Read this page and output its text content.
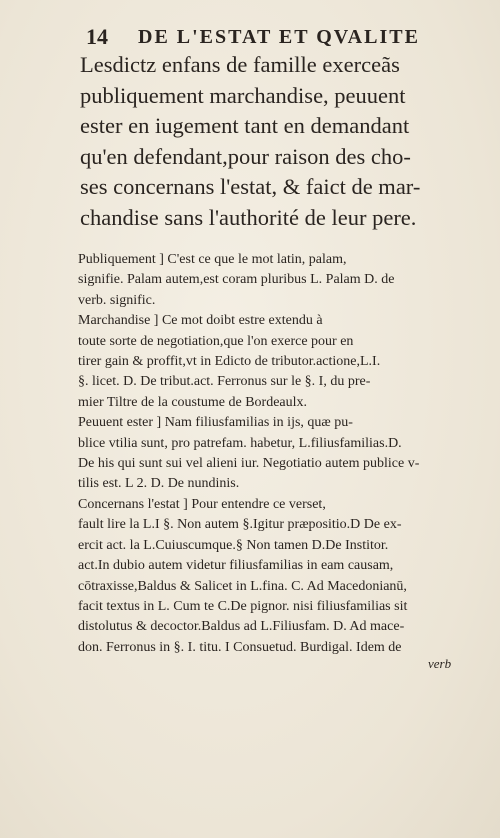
14 DE L'ESTAT ET QVALITE
Lesdictz enfans de famille exerceãs
publiquement marchandise, peuuent
ester en iugement tant en demandant
qu'en defendant,pour raison des cho-
ses concernans l'estat, & faict de mar-
chandise sans l'authorité de leur pere.
Publiquement ] C'est ce que le mot latin, palam,
signifie. Palam autem,est coram pluribus L. Palam D. de
verb. signific.
Marchandise ] Ce mot doibt estre extendu à
toute sorte de negotiation,que l'on exerce pour en
tirer gain & proffit,vt in Edicto de tributor.actione,L.I.
§. licet. D. De tribut.act. Ferronus sur le §. I, du pre-
mier Tiltre de la coustume de Bordeaulx.
Peuuent ester ] Nam filiusfamilias in ijs, quæ pu-
blice vtilia sunt, pro patrefam. habetur, L.filiusfamilias.D.
De his qui sunt sui vel alieni iur. Negotiatio autem publice v-
tilis est. L 2. D. De nundinis.
Concernans l'estat ] Pour entendre ce verset,
fault lire la L.I §. Non autem §.Igitur præpositio.D De ex-
ercit act. la L.Cuiuscumque.§ Non tamen D.De Institor.
act.In dubio autem videtur filiusfamilias in eam causam,
cōtraxisse,Baldus & Salicet in L.fina. C. Ad Macedonianū,
facit textus in L. Cum te C.De pignor. nisi filiusfamilias sit
distolutus & decoctor.Baldus ad L.Filiusfam. D. Ad mace-
don. Ferronus in §. I. titu. I Consuetud. Burdigal. Idem de
verb
